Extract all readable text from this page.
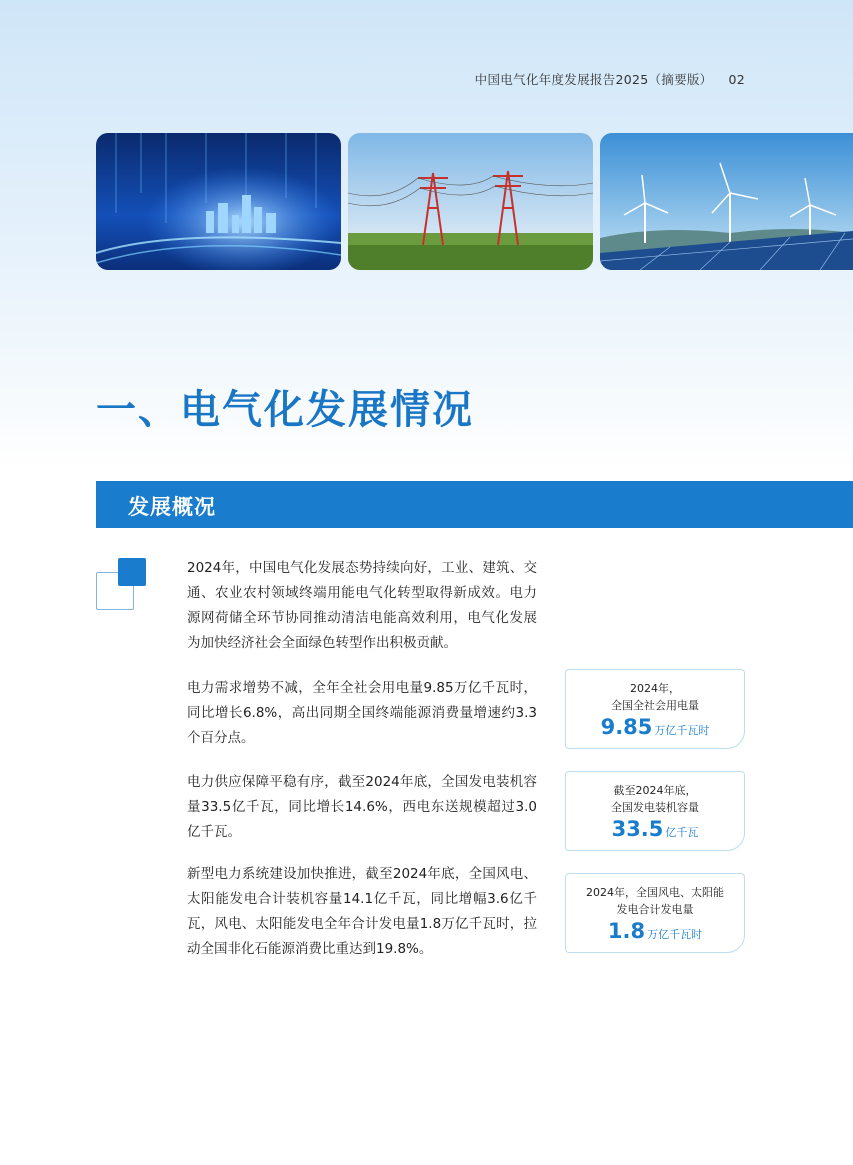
中国电气化年度发展报告2025（摘要版） 02
一、电气化发展情况
发展概况

2024年，中国电气化发展态势持续向好，工业、建筑、交通、农业农村领域终端用能电气化转型取得新成效。电力源网荷储全环节协同推动清洁电能高效利用，电气化发展为加快经济社会全面绿色转型作出积极贡献。

电力需求增势不减，全年全社会用电量9.85万亿千瓦时，同比增长6.8%，高出同期全国终端能源消费量增速约3.3个百分点。

电力供应保障平稳有序，截至2024年底，全国发电装机容量33.5亿千瓦，同比增长14.6%，西电东送规模超过3.0亿千瓦。

新型电力系统建设加快推进，截至2024年底，全国风电、太阳能发电合计装机容量14.1亿千瓦，同比增幅3.6亿千瓦，风电、太阳能发电全年合计发电量1.8万亿千瓦时，拉动全国非化石能源消费比重达到19.8%。

2024年，
全国全社会用电量
9.85 万亿千瓦时
截至2024年底，
全国发电装机容量
33.5 亿千瓦
2024年，全国风电、太阳能
发电合计发电量
1.8 万亿千瓦时
